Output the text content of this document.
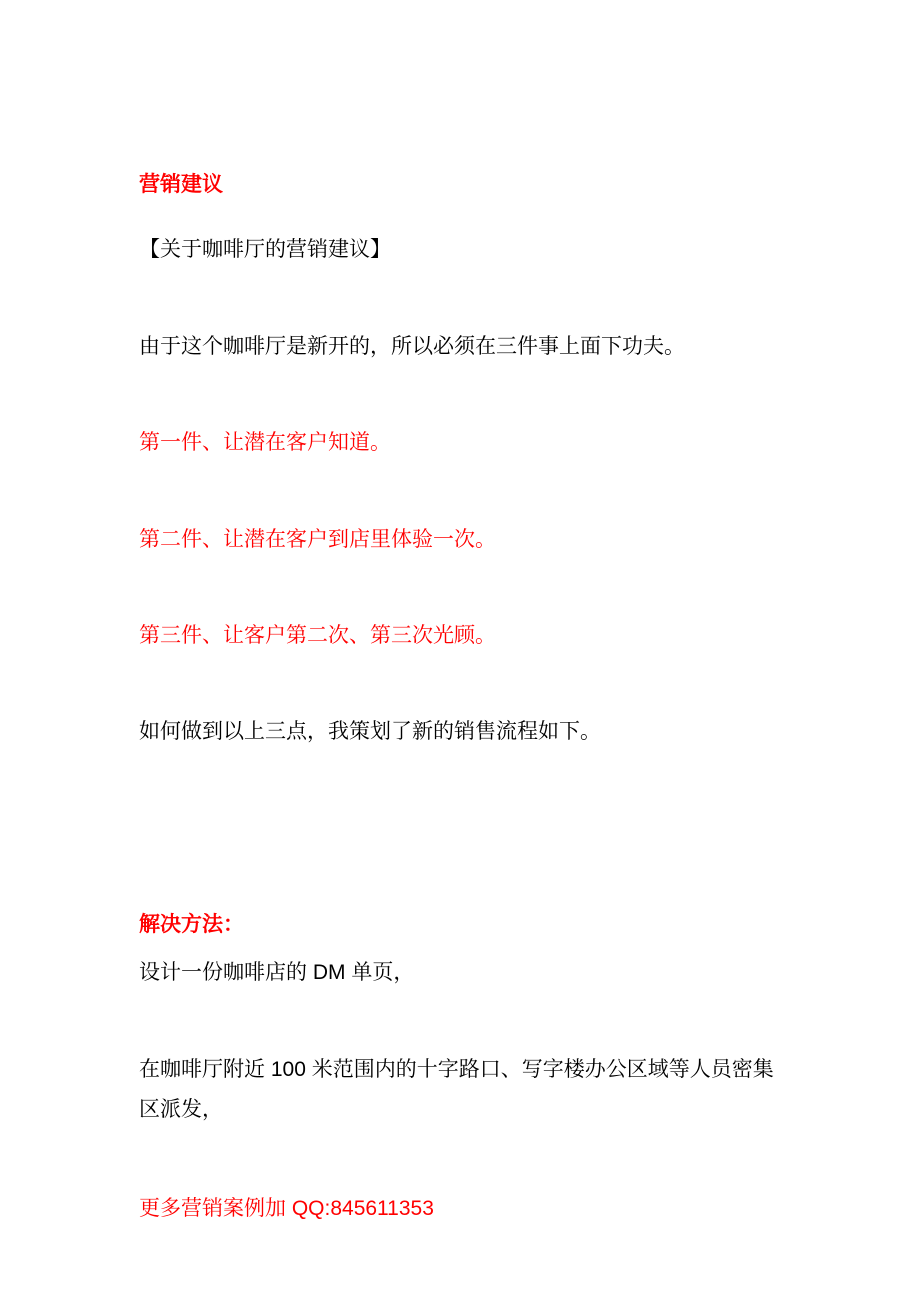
营销建议
【关于咖啡厅的营销建议】
由于这个咖啡厅是新开的，所以必须在三件事上面下功夫。
第一件、让潜在客户知道。
第二件、让潜在客户到店里体验一次。
第三件、让客户第二次、第三次光顾。
如何做到以上三点，我策划了新的销售流程如下。
解决方法：
设计一份咖啡店的 DM 单页，
在咖啡厅附近 100 米范围内的十字路口、写字楼办公区域等人员密集区派发，
更多营销案例加 QQ:845611353
